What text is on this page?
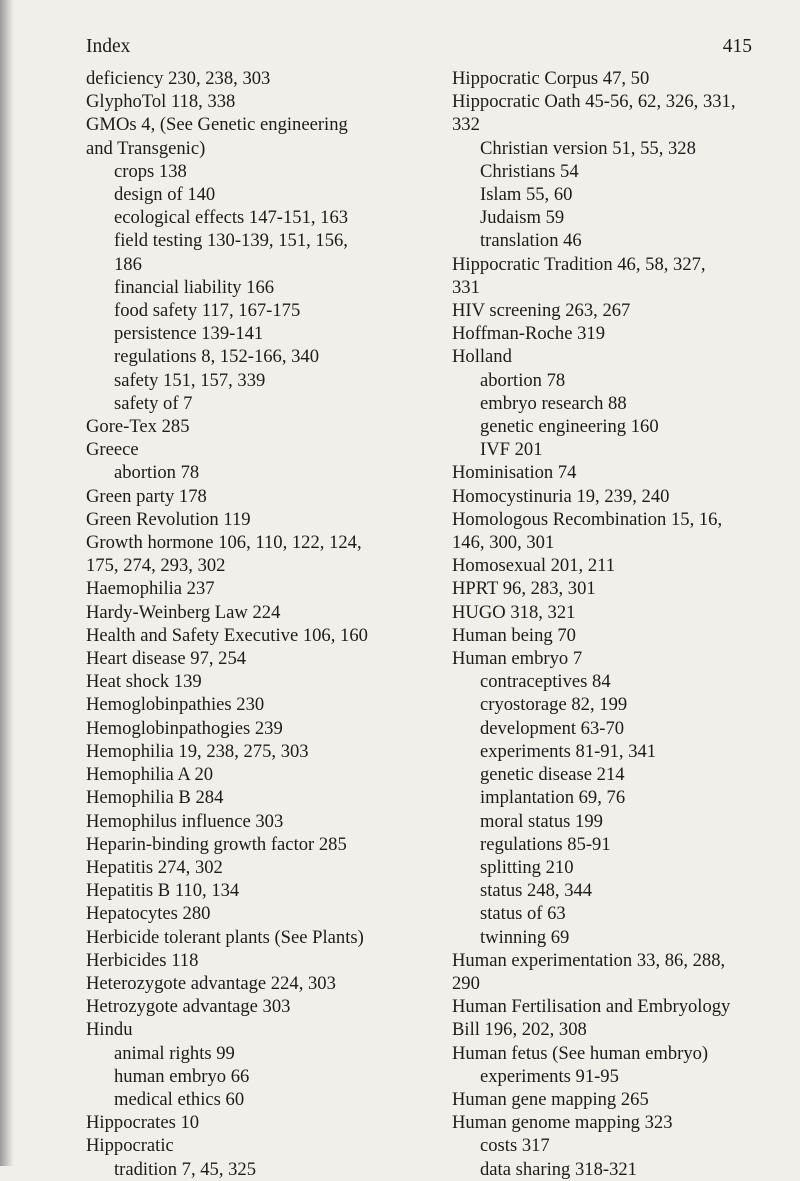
Index	415
deficiency 230, 238, 303
GlyphoTol 118, 338
GMOs 4, (See Genetic engineering
and Transgenic)
crops 138
design of 140
ecological effects 147-151, 163
field testing 130-139, 151, 156,
186
financial liability 166
food safety 117, 167-175
persistence 139-141
regulations 8, 152-166, 340
safety 151, 157, 339
safety of 7
Gore-Tex 285
Greece
abortion 78
Green party 178
Green Revolution 119
Growth hormone 106, 110, 122, 124,
175, 274, 293, 302
Haemophilia 237
Hardy-Weinberg Law 224
Health and Safety Executive 106, 160
Heart disease 97, 254
Heat shock 139
Hemoglobinpathies 230
Hemoglobinpathogies 239
Hemophilia 19, 238, 275, 303
Hemophilia A 20
Hemophilia B 284
Hemophilus influence 303
Heparin-binding growth factor 285
Hepatitis 274, 302
Hepatitis B 110, 134
Hepatocytes 280
Herbicide tolerant plants (See Plants)
Herbicides 118
Heterozygote advantage 224, 303
Hetrozygote advantage 303
Hindu
animal rights 99
human embryo 66
medical ethics 60
Hippocrates 10
Hippocratic
tradition 7, 45, 325
Hippocratic Corpus 47, 50
Hippocratic Oath 45-56, 62, 326, 331,
332
Christian version 51, 55, 328
Christians 54
Islam 55, 60
Judaism 59
translation 46
Hippocratic Tradition 46, 58, 327,
331
HIV screening 263, 267
Hoffman-Roche 319
Holland
abortion 78
embryo research 88
genetic engineering 160
IVF 201
Hominisation 74
Homocystinuria 19, 239, 240
Homologous Recombination 15, 16,
146, 300, 301
Homosexual 201, 211
HPRT 96, 283, 301
HUGO 318, 321
Human being 70
Human embryo 7
contraceptives 84
cryostorage 82, 199
development 63-70
experiments 81-91, 341
genetic disease 214
implantation 69, 76
moral status 199
regulations 85-91
splitting 210
status 248, 344
status of 63
twinning 69
Human experimentation 33, 86, 288,
290
Human Fertilisation and Embryology
Bill 196, 202, 308
Human fetus (See human embryo)
experiments 91-95
Human gene mapping 265
Human genome mapping 323
costs 317
data sharing 318-321
